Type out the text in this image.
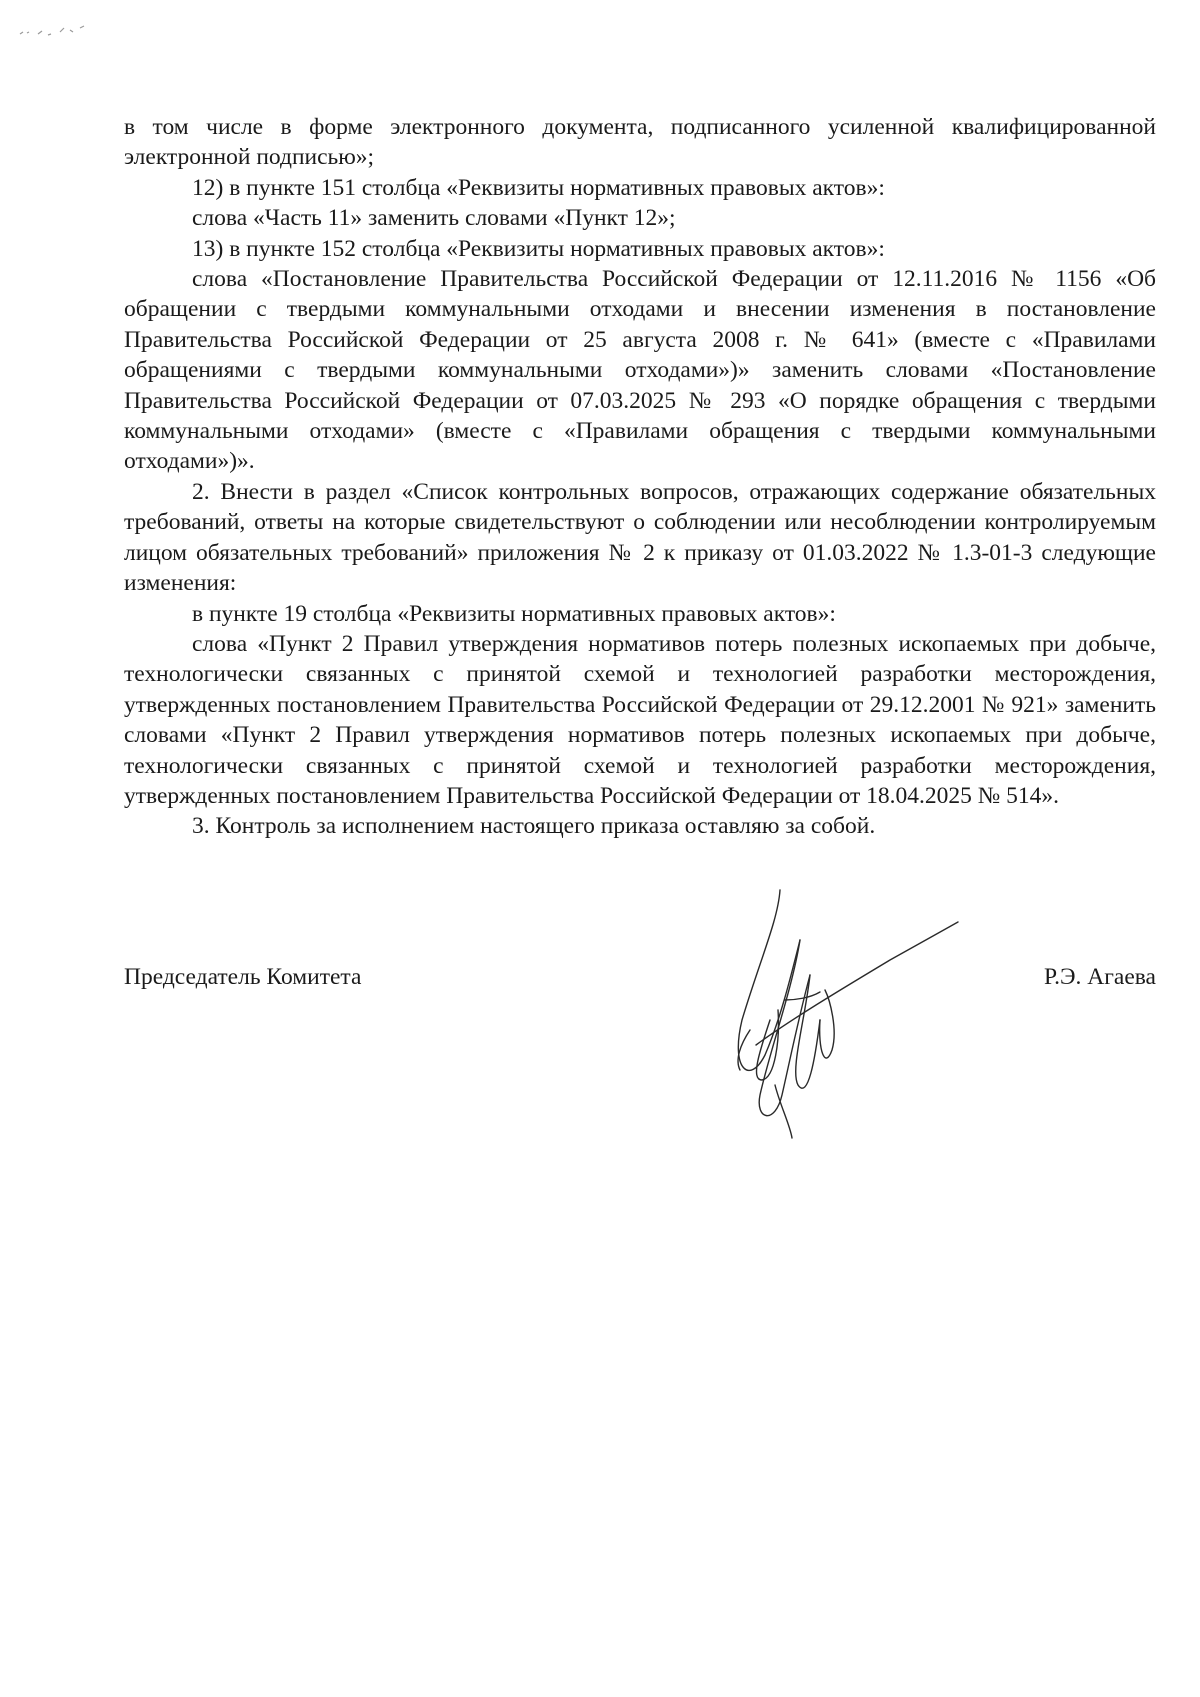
в том числе в форме электронного документа, подписанного усиленной квалифицированной электронной подписью»;

12) в пункте 151 столбца «Реквизиты нормативных правовых актов»:

слова «Часть 11» заменить словами «Пункт 12»;

13) в пункте 152 столбца «Реквизиты нормативных правовых актов»:

слова «Постановление Правительства Российской Федерации от 12.11.2016 № 1156 «Об обращении с твердыми коммунальными отходами и внесении изменения в постановление Правительства Российской Федерации от 25 августа 2008 г. № 641» (вместе с «Правилами обращениями с твердыми коммунальными отходами»)» заменить словами «Постановление Правительства Российской Федерации от 07.03.2025 № 293 «О порядке обращения с твердыми коммунальными отходами» (вместе с «Правилами обращения с твердыми коммунальными отходами»)».

2. Внести в раздел «Список контрольных вопросов, отражающих содержание обязательных требований, ответы на которые свидетельствуют о соблюдении или несоблюдении контролируемым лицом обязательных требований» приложения № 2 к приказу от 01.03.2022 № 1.3-01-3 следующие изменения:

в пункте 19 столбца «Реквизиты нормативных правовых актов»:

слова «Пункт 2 Правил утверждения нормативов потерь полезных ископаемых при добыче, технологически связанных с принятой схемой и технологией разработки месторождения, утвержденных постановлением Правительства Российской Федерации от 29.12.2001 № 921» заменить словами «Пункт 2 Правил утверждения нормативов потерь полезных ископаемых при добыче, технологически связанных с принятой схемой и технологией разработки месторождения, утвержденных постановлением Правительства Российской Федерации от 18.04.2025 № 514».

3. Контроль за исполнением настоящего приказа оставляю за собой.

Председатель Комитета	Р.Э. Агаева
